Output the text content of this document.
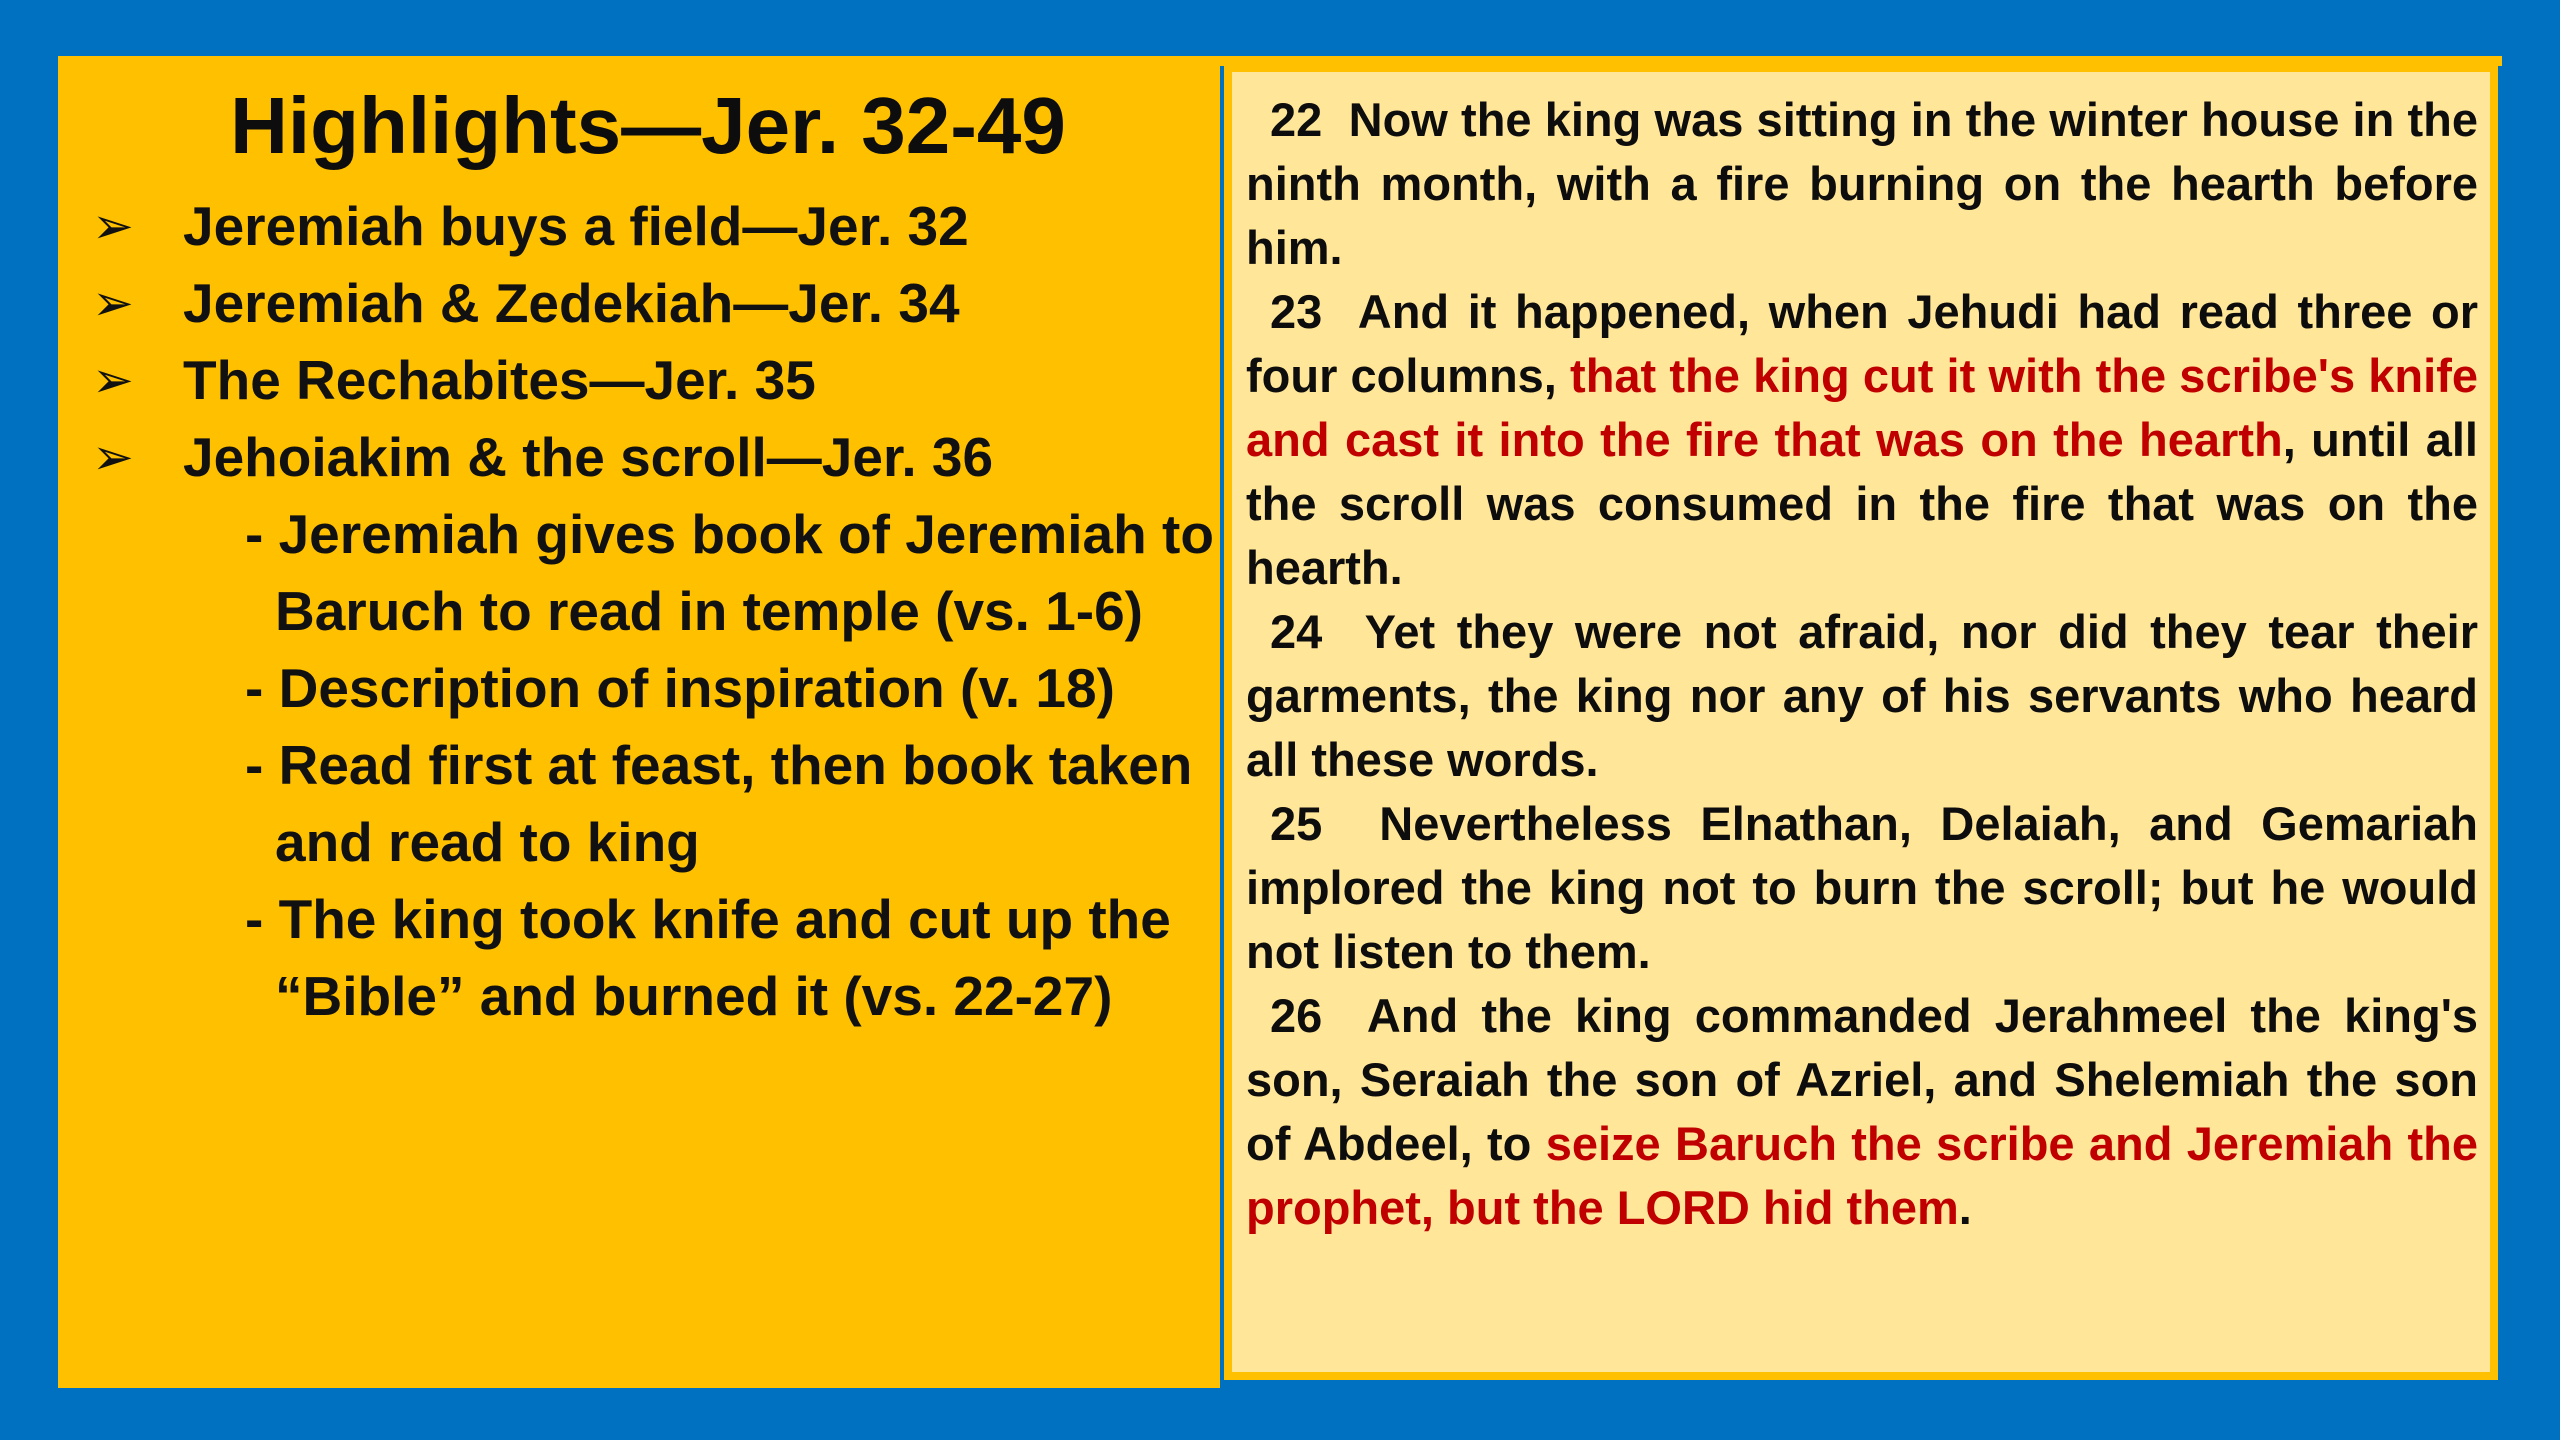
Highlights—Jer. 32-49
➢ Jeremiah buys a field—Jer. 32
➢ Jeremiah & Zedekiah—Jer. 34
➢ The Rechabites—Jer. 35
➢ Jehoiakim & the scroll—Jer. 36
- Jeremiah gives book of Jeremiah to Baruch to read in temple (vs. 1-6)
- Description of inspiration (v. 18)
- Read first at feast, then book taken and read to king
- The king took knife and cut up the “Bible” and burned it (vs. 22-27)

22 Now the king was sitting in the winter house in the ninth month, with a fire burning on the hearth before him.

23 And it happened, when Jehudi had read three or four columns, that the king cut it with the scribe's knife and cast it into the fire that was on the hearth, until all the scroll was consumed in the fire that was on the hearth.

24 Yet they were not afraid, nor did they tear their garments, the king nor any of his servants who heard all these words.

25 Nevertheless Elnathan, Delaiah, and Gemariah implored the king not to burn the scroll; but he would not listen to them.

26 And the king commanded Jerahmeel the king's son, Seraiah the son of Azriel, and Shelemiah the son of Abdeel, to seize Baruch the scribe and Jeremiah the prophet, but the LORD hid them.
